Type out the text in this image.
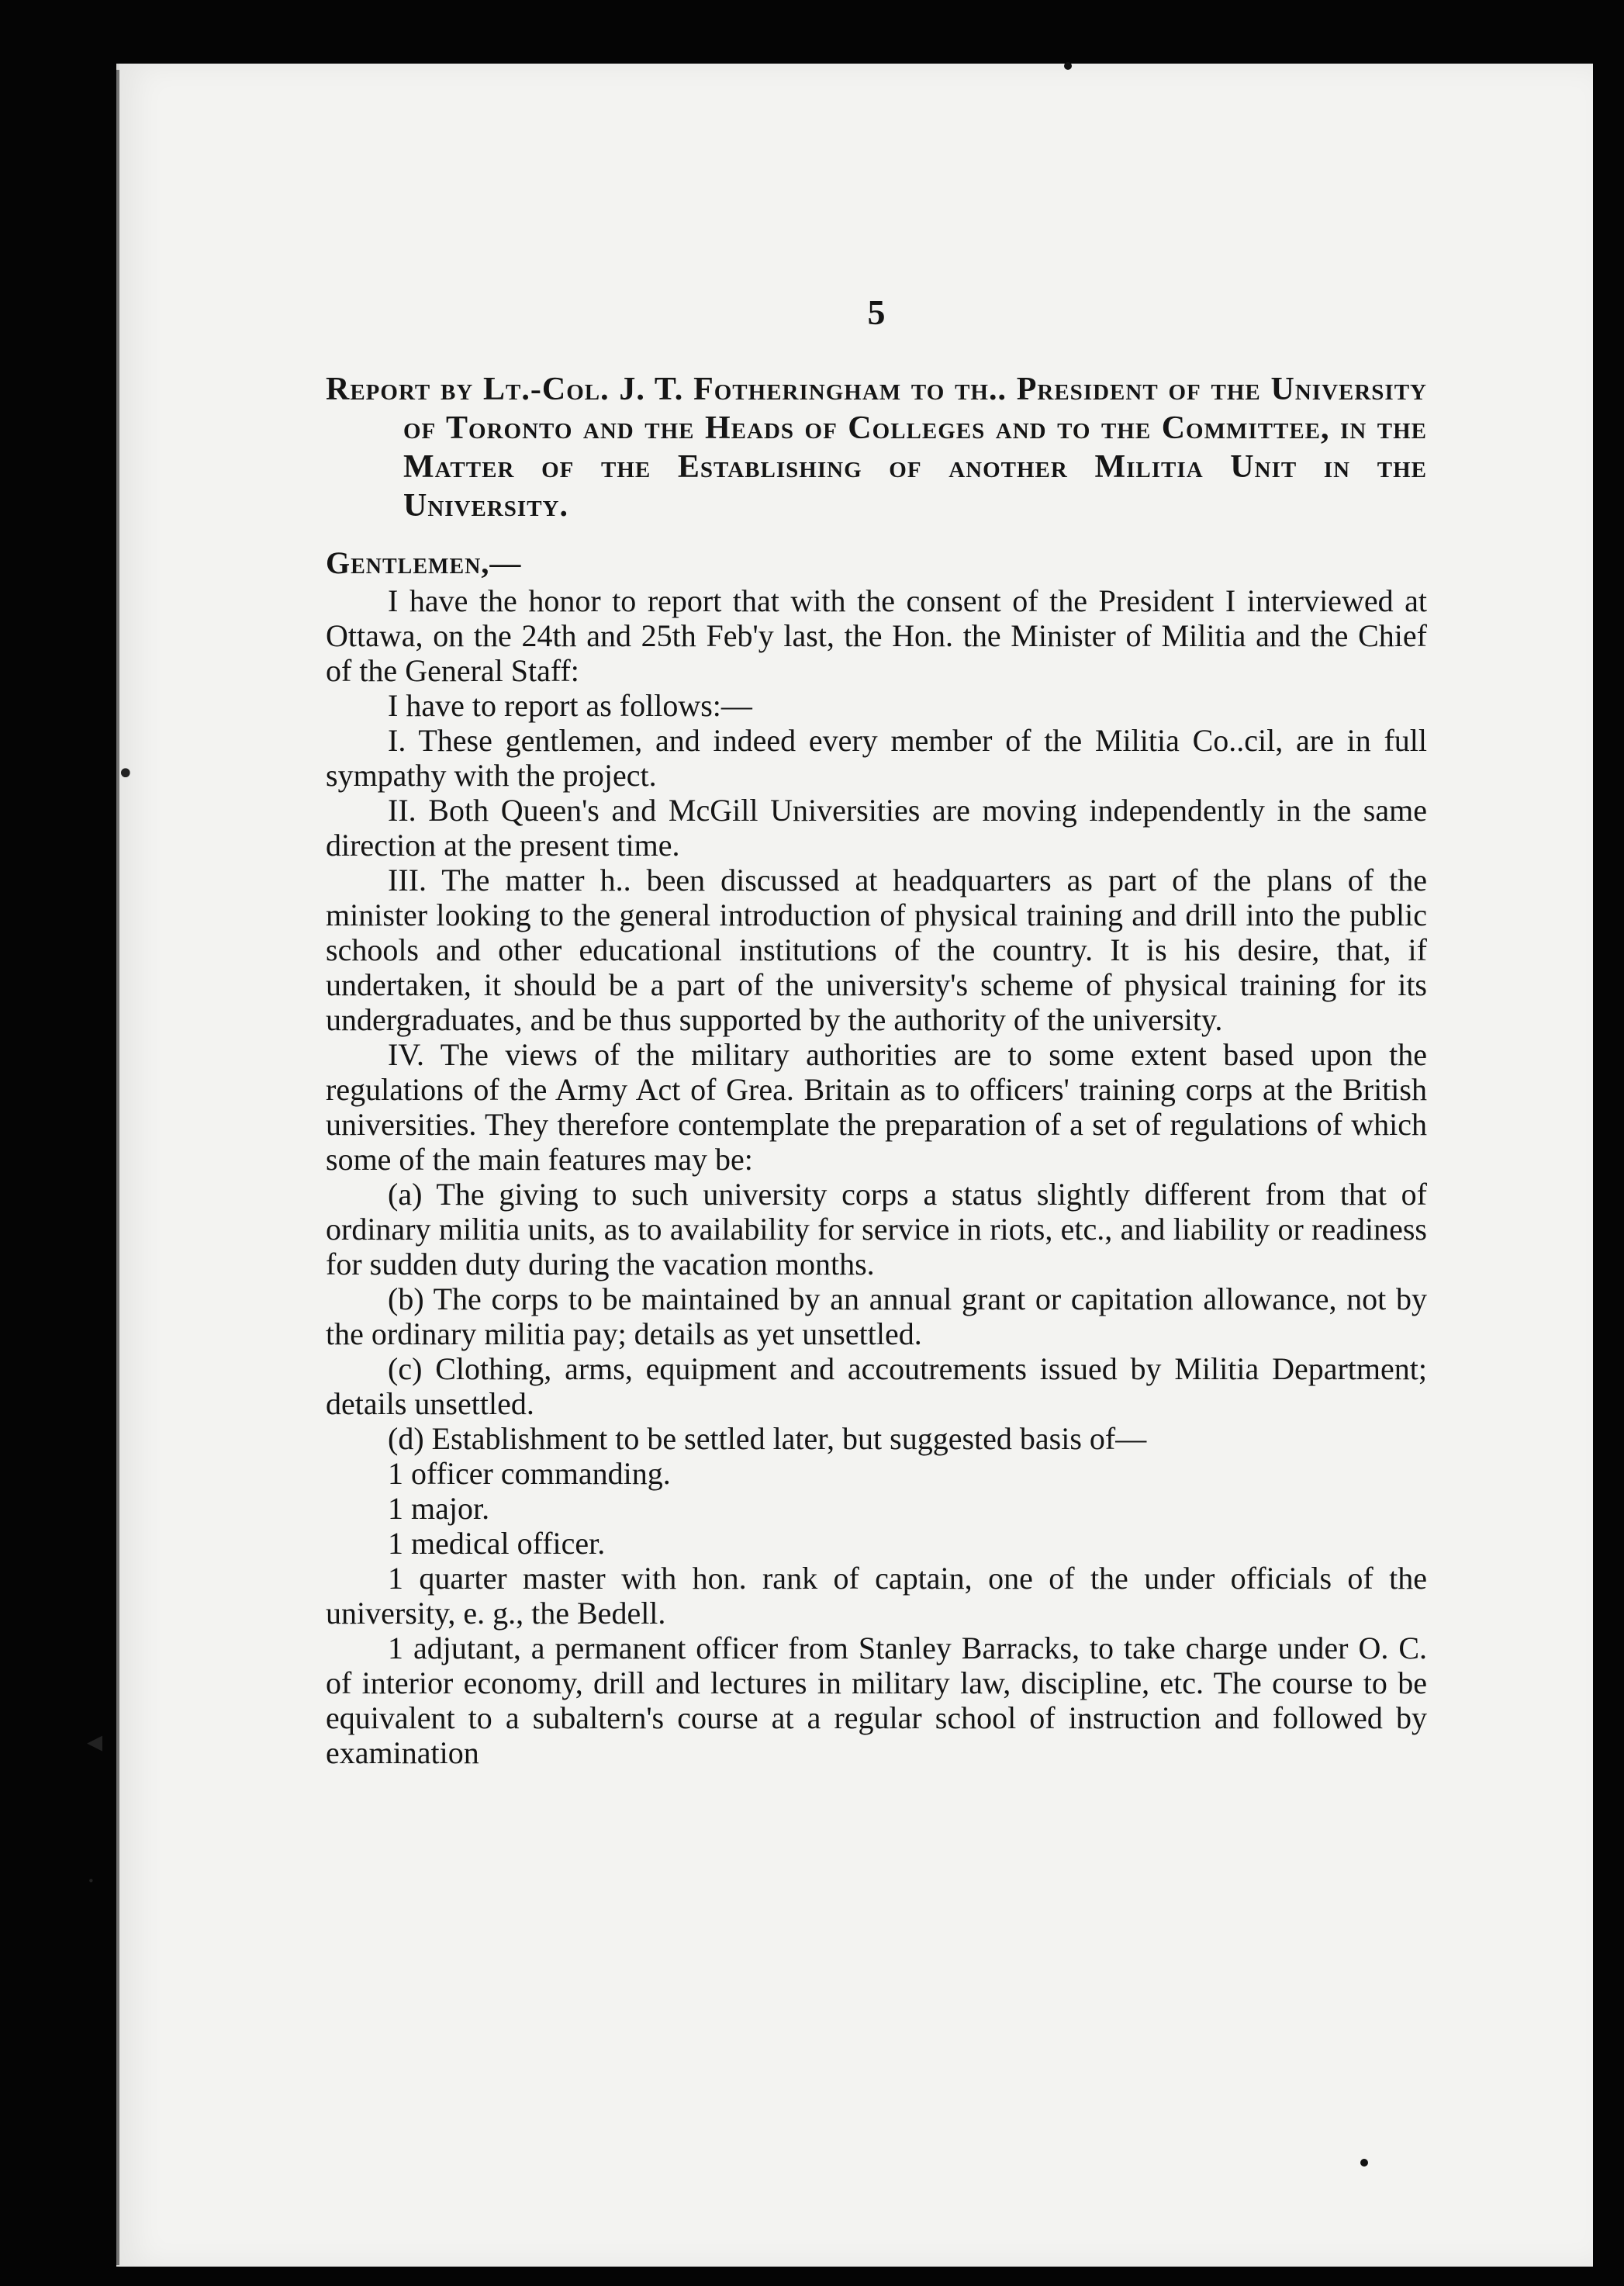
•
◂
·
5

Report by Lt.-Col. J. T. Fotheringham to th.. President of the University of Toronto and the Heads of Colleges and to the Committee, in the Matter of the Establishing of another Militia Unit in the University.

Gentlemen,—

I have the honor to report that with the consent of the President I interviewed at Ottawa, on the 24th and 25th Feb'y last, the Hon. the Minister of Militia and the Chief of the General Staff:

I have to report as follows:—

I. These gentlemen, and indeed every member of the Militia Co..cil, are in full sympathy with the project.

II. Both Queen's and McGill Universities are moving independently in the same direction at the present time.

III. The matter h.. been discussed at headquarters as part of the plans of the minister looking to the general introduction of physical training and drill into the public schools and other educational institutions of the country. It is his desire, that, if undertaken, it should be a part of the university's scheme of physical training for its undergraduates, and be thus supported by the authority of the university.

IV. The views of the military authorities are to some extent based upon the regulations of the Army Act of Grea. Britain as to officers' training corps at the British universities. They therefore contemplate the preparation of a set of regulations of which some of the main features may be:

(a) The giving to such university corps a status slightly different from that of ordinary militia units, as to availability for service in riots, etc., and liability or readiness for sudden duty during the vacation months.

(b) The corps to be maintained by an annual grant or capitation allowance, not by the ordinary militia pay; details as yet unsettled.

(c) Clothing, arms, equipment and accoutrements issued by Militia Department; details unsettled.

(d) Establishment to be settled later, but suggested basis of—

1 officer commanding.

1 major.

1 medical officer.

1 quarter master with hon. rank of captain, one of the under officials of the university, e. g., the Bedell.

1 adjutant, a permanent officer from Stanley Barracks, to take charge under O. C. of interior economy, drill and lectures in military law, discipline, etc. The course to be equivalent to a subaltern's course at a regular school of instruction and followed by examination
